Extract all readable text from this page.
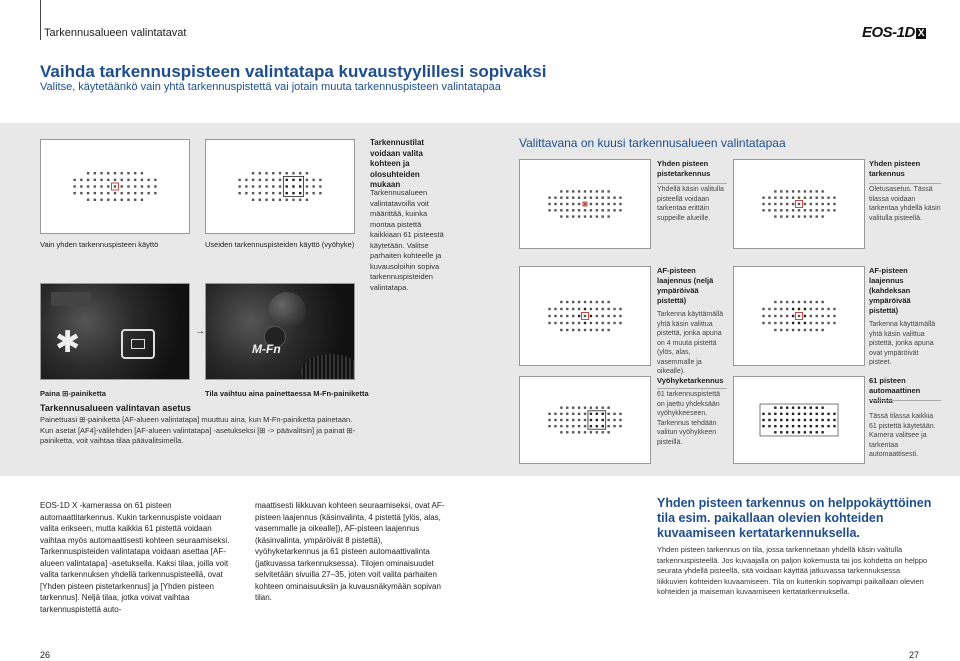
Tarkennusalueen valintatavat	EOS-1D X
Vaihda tarkennuspisteen valintatapa kuvaustyylillesi sopivaksi
Valitse, käytetäänkö vain yhtä tarkennuspistettä vai jotain muuta tarkennuspisteen valintatapaa
Vain yhden tarkennuspisteen käyttö	Useiden tarkennuspisteiden käyttö (vyöhyke)
✱	→
M-Fn
Paina ⊞-painiketta	Tila vaihtuu aina painettaessa M-Fn-painiketta
Tarkennusalueen valintavan asetus
Painettuasi ⊞-painiketta [AF-alueen valintatapa] muuttuu aina, kun M-Fn-painiketta painetaan. Kun asetat [AF4]-välilehden [AF-alueen valintatapa] -asetukseksi [⊞ -> päävalitsin] ja painat ⊞-painiketta, voit vaihtaa tilaa päävalitsimella.
Tarkennustilat voidaan valita kohteen ja olosuhteiden mukaan
Tarkennusalueen valintatavoilla voit määrittää, kuinka montaa pistettä kaikkiaan 61 pisteestä käytetään. Valitse parhaiten kohteelle ja kuvausoloihin sopiva tarkennuspisteiden valintatapa.
Valittavana on kuusi tarkennusalueen valintatapaa
Yhden pisteen pistetarkennus
Yhdellä käsin valitulla pisteellä voidaan tarkentaa erittäin suppeille alueille.
Yhden pisteen tarkennus
Oletusasetus. Tässä tilassa voidaan tarkentaa yhdellä käsin valitulla pisteellä.
AF-pisteen laajennus (neljä ympäröivää pistettä)
Tarkenna käyttämällä yhtä käsin valittua pistettä, jonka apuna on 4 muuta pistettä (ylös, alas, vasemmalle ja oikealle).
AF-pisteen laajennus (kahdeksan ympäröivää pistettä)
Tarkenna käyttämällä yhtä käsin valittua pistettä, jonka apuna ovat ympäröivät pisteet.
Vyöhyketarkennus
61 tarkennuspistettä on jaettu yhdeksään vyöhykkeeseen. Tarkennus tehdään valitun vyöhykkeen pisteillä.
61 pisteen automaattinen
Tässä tilassa kaikkia 61 pistettä käytetään. Kamera valitsee ja tarkentaa automaattisesti.
EOS-1D X -kamerassa on 61 pisteen automaattitarkennus. Kukin tarkennuspiste voidaan valita erikseen, mutta kaikkia 61 pistettä voidaan vaihtaa myös automaattisesti kohteen seuraamiseksi. Tarkennuspisteiden valintatapa voidaan asettaa [AF-alueen valintatapa] -asetuksella. Kaksi tilaa, joilla voit valita tarkennuksen yhdellä tarkennuspisteellä, ovat [Yhden pisteen pistetarkennus] ja [Yhden pisteen tarkennus]. Neljä tilaa, jotka voivat vaihtaa tarkennuspistettä auto-
maattisesti liikkuvan kohteen seuraamiseksi, ovat AF-pisteen laajennus (käsinvalinta, 4 pistettä [ylös, alas, vasemmalle ja oikealle]), AF-pisteen laajennus (käsinvalinta, ympäröivät 8 pistettä), vyöhyketarkennus ja 61 pisteen automaattivalinta (jatkuvassa tarkennuksessa). Tilojen ominaisuudet selvitetään sivuilla 27–35, joten voit valita parhaiten kohteen ominaisuuksiin ja kuvausnäkymään sopivan tilan.
Yhden pisteen tarkennus on helppokäyttöinen tila esim. paikallaan olevien kohteiden kuvaamiseen kertatarkennuksella.
Yhden pisteen tarkennus on tila, jossa tarkennetaan yhdellä käsin valitulla tarkennuspisteellä. Jos kuvaajalla on paljon kokemusta tai jos kohdetta on helppo seurata yhdellä pisteellä, sitä voidaan käyttää jatkuvassa tarkennuksessa liikkuvien kohteiden kuvaamiseen. Tila on kuitenkin sopivampi paikallaan olevien kohteiden ja maiseman kuvaamiseen kertatarkennuksella.
26	27
